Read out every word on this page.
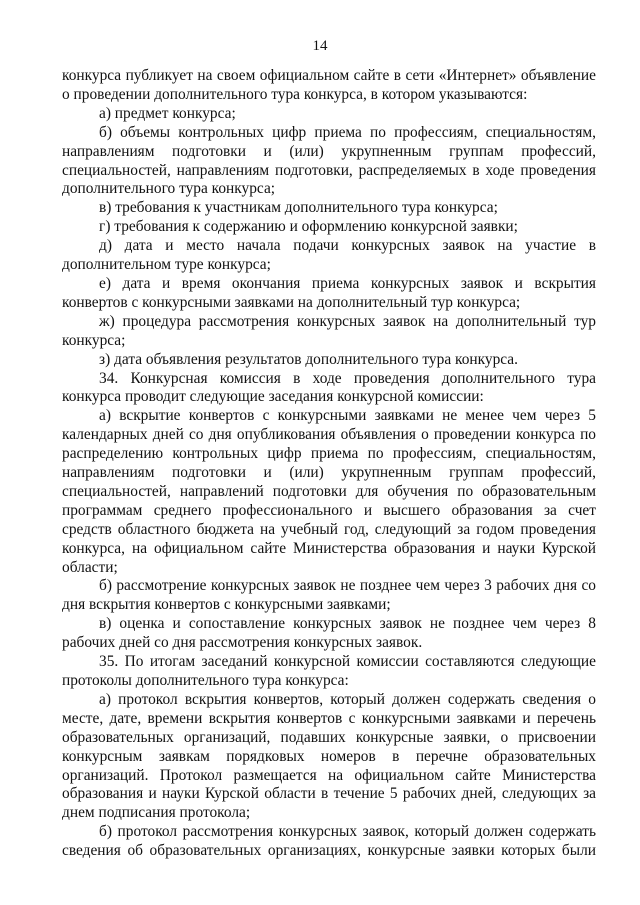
14

конкурса публикует на своем официальном сайте в сети «Интернет» объявление о проведении дополнительного тура конкурса, в котором указываются:

а) предмет конкурса;

б) объемы контрольных цифр приема по профессиям, специальностям, направлениям подготовки и (или) укрупненным группам профессий, специальностей, направлениям подготовки, распределяемых в ходе проведения дополнительного тура конкурса;

в) требования к участникам дополнительного тура конкурса;

г) требования к содержанию и оформлению конкурсной заявки;

д) дата и место начала подачи конкурсных заявок на участие в дополнительном туре конкурса;

е) дата и время окончания приема конкурсных заявок и вскрытия конвертов с конкурсными заявками на дополнительный тур конкурса;

ж) процедура рассмотрения конкурсных заявок на дополнительный тур конкурса;

з) дата объявления результатов дополнительного тура конкурса.

34. Конкурсная комиссия в ходе проведения дополнительного тура конкурса проводит следующие заседания конкурсной комиссии:

а) вскрытие конвертов с конкурсными заявками не менее чем через 5 календарных дней со дня опубликования объявления о проведении конкурса по распределению контрольных цифр приема по профессиям, специальностям, направлениям подготовки и (или) укрупненным группам профессий, специальностей, направлений подготовки для обучения по образовательным программам среднего профессионального и высшего образования за счет средств областного бюджета на учебный год, следующий за годом проведения конкурса, на официальном сайте Министерства образования и науки Курской области;

б) рассмотрение конкурсных заявок не позднее чем через 3 рабочих дня со дня вскрытия конвертов с конкурсными заявками;

в) оценка и сопоставление конкурсных заявок не позднее чем через 8 рабочих дней со дня рассмотрения конкурсных заявок.

35. По итогам заседаний конкурсной комиссии составляются следующие протоколы дополнительного тура конкурса:

а) протокол вскрытия конвертов, который должен содержать сведения о месте, дате, времени вскрытия конвертов с конкурсными заявками и перечень образовательных организаций, подавших конкурсные заявки, о присвоении конкурсным заявкам порядковых номеров в перечне образовательных организаций. Протокол размещается на официальном сайте Министерства образования и науки Курской области в течение 5 рабочих дней, следующих за днем подписания протокола;

б) протокол рассмотрения конкурсных заявок, который должен содержать сведения об образовательных организациях, конкурсные заявки которых были
